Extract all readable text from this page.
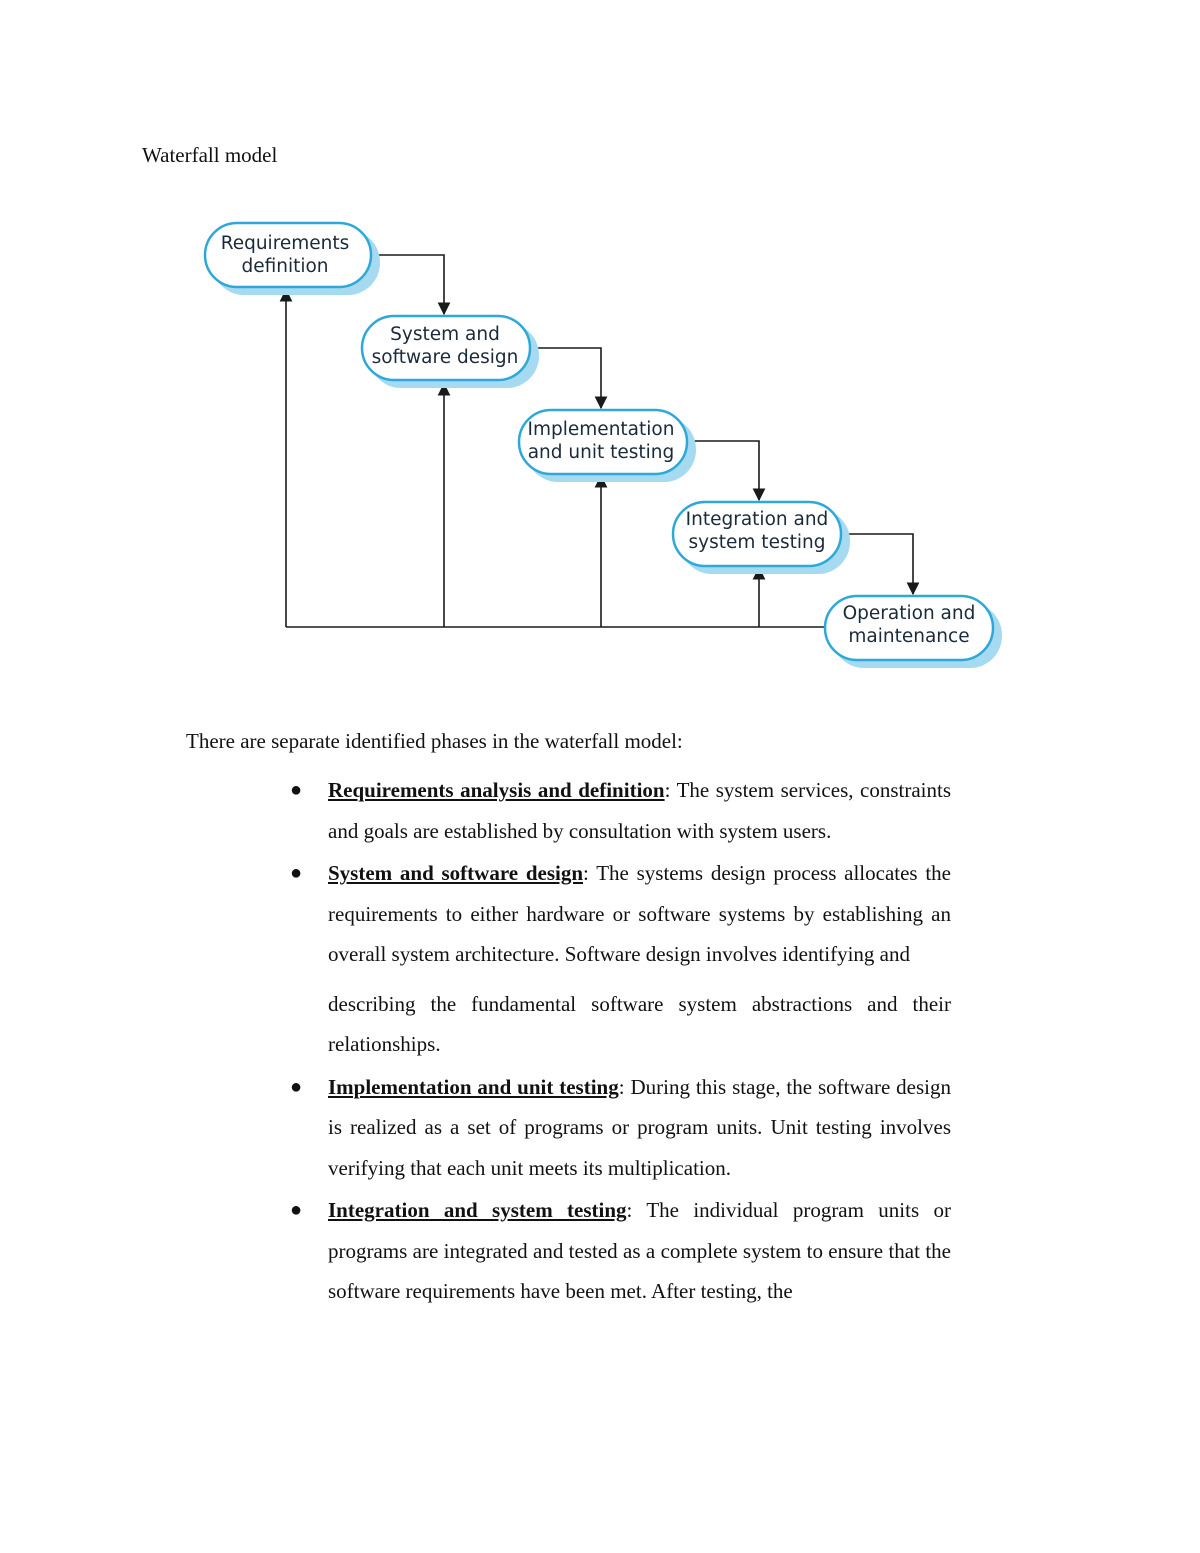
Waterfall model
Requirements
definition
System and
software design
Implementation
and unit testing
Integration and
system testing
Operation and
maintenance
There are separate identified phases in the waterfall model:
● Requirements analysis and definition: The system services, constraints and goals are established by consultation with system users.
● System and software design: The systems design process allocates the requirements to either hardware or software systems by establishing an overall system architecture. Software design involves identifying and
describing the fundamental software system abstractions and their relationships.
● Implementation and unit testing: During this stage, the software design is realized as a set of programs or program units. Unit testing involves verifying that each unit meets its multiplication.
● Integration and system testing: The individual program units or programs are integrated and tested as a complete system to ensure that the software requirements have been met. After testing, the
